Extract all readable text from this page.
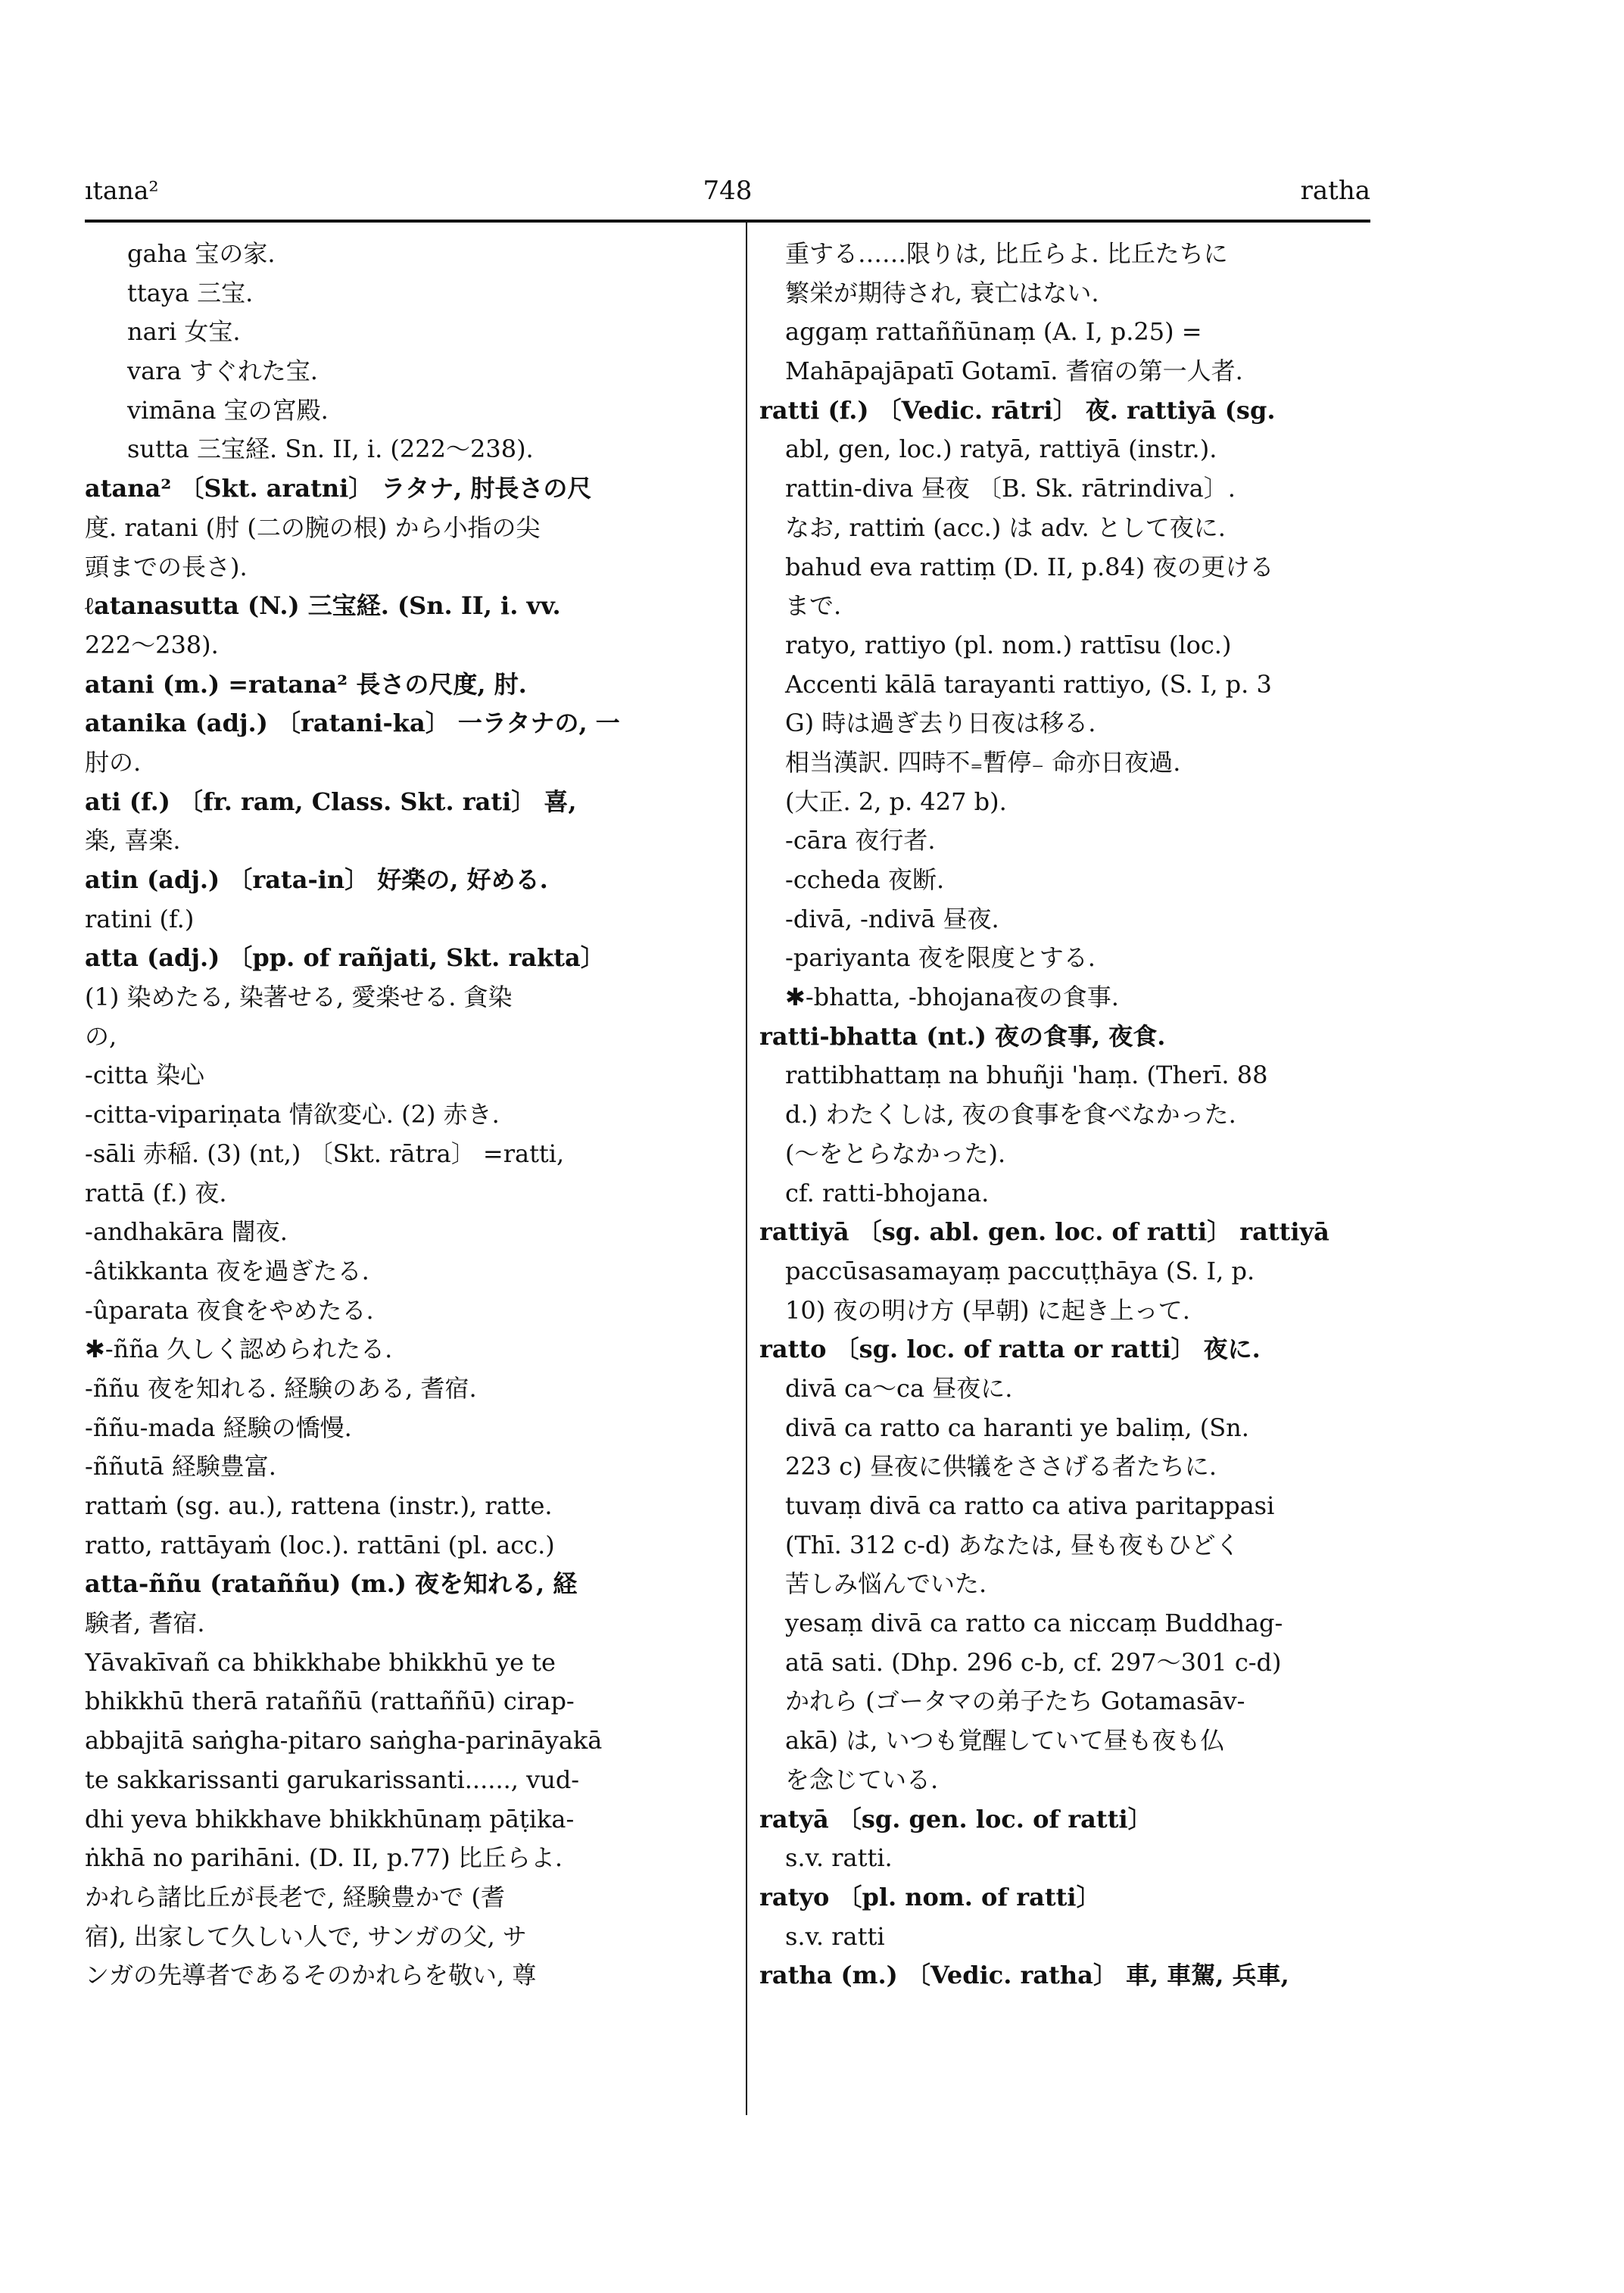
ıtana²	748	ratha
gaha 宝の家.
ttaya 三宝.
nari 女宝.
vara すぐれた宝.
vimāna 宝の宮殿.
sutta 三宝経. Sn. II, i. (222～238).
atana² 〔Skt. aratni〕 ラタナ, 肘長さの尺
度. ratani (肘 (二の腕の根) から小指の尖
頭までの長さ).
ℓatanasutta (N.) 三宝経. (Sn. II, i. vv.
222～238).
atani (m.) =ratana² 長さの尺度, 肘.
atanika (adj.) 〔ratani-ka〕 一ラタナの, 一
肘の.
ati (f.) 〔fr. ram, Class. Skt. rati〕 喜,
楽, 喜楽.
atin (adj.) 〔rata-in〕 好楽の, 好める.
ratini (f.)
atta (adj.) 〔pp. of rañjati, Skt. rakta〕
(1) 染めたる, 染著せる, 愛楽せる. 貪染
の,
-citta 染心
-citta-vipariṇata 情欲変心. (2) 赤き.
-sāli 赤稲. (3) (nt,) 〔Skt. rātra〕 =ratti,
rattā (f.) 夜.
-andhakāra 闇夜.
-âtikkanta 夜を過ぎたる.
-ûparata 夜食をやめたる.
✱-ñña 久しく認められたる.
-ññu 夜を知れる. 経験のある, 耆宿.
-ññu-mada 経験の憍慢.
-ññutā 経験豊富.
rattaṁ (sg. au.), rattena (instr.), ratte.
ratto, rattāyaṁ (loc.). rattāni (pl. acc.)
atta-ññu (rataññu) (m.) 夜を知れる, 経
験者, 耆宿.
Yāvakīvañ ca bhikkhabe bhikkhū ye te
bhikkhū therā rataññū (rattaññū) cirap-
abbajitā saṅgha-pitaro saṅgha-parināyakā
te sakkarissanti garukarissanti......, vud-
dhi yeva bhikkhave bhikkhūnaṃ pāṭika-
ṅkhā no parihāni. (D. II, p.77) 比丘らよ.
かれら諸比丘が長老で, 経験豊かで (耆
宿), 出家して久しい人で, サンガの父, サ
ンガの先導者であるそのかれらを敬い, 尊
重する……限りは, 比丘らよ. 比丘たちに
繁栄が期待され, 衰亡はない.
aggaṃ rattaññūnaṃ (A. I, p.25) =
Mahāpajāpatī Gotamī. 耆宿の第一人者.
ratti (f.) 〔Vedic. rātri〕 夜. rattiyā (sg.
abl, gen, loc.) ratyā, rattiyā (instr.).
rattin-diva 昼夜 〔B. Sk. rātrindiva〕.
なお, rattiṁ (acc.) は adv. として夜に.
bahud eva rattiṃ (D. II, p.84) 夜の更ける
まで.
ratyo, rattiyo (pl. nom.) rattīsu (loc.)
Accenti kālā tarayanti rattiyo, (S. I, p. 3
G) 時は過ぎ去り日夜は移る.
相当漢訳. 四時不₌暫停₋ 命亦日夜過.
(大正. 2, p. 427 b).
-cāra 夜行者.
-ccheda 夜断.
-divā, -ndivā 昼夜.
-pariyanta 夜を限度とする.
✱-bhatta, -bhojana夜の食事.
ratti-bhatta (nt.) 夜の食事, 夜食.
rattibhattaṃ na bhuñji 'haṃ. (Therī. 88
d.) わたくしは, 夜の食事を食べなかった.
(～をとらなかった).
cf. ratti-bhojana.
rattiyā 〔sg. abl. gen. loc. of ratti〕 rattiyā
paccūsasamayaṃ paccuṭṭhāya (S. I, p.
10) 夜の明け方 (早朝) に起き上って.
ratto 〔sg. loc. of ratta or ratti〕 夜に.
divā ca～ca 昼夜に.
divā ca ratto ca haranti ye baliṃ, (Sn.
223 c) 昼夜に供犠をささげる者たちに.
tuvaṃ divā ca ratto ca ativa paritappasi
(Thī. 312 c-d) あなたは, 昼も夜もひどく
苦しみ悩んでいた.
yesaṃ divā ca ratto ca niccaṃ Buddhag-
atā sati. (Dhp. 296 c-b, cf. 297～301 c-d)
かれら (ゴータマの弟子たち Gotamasāv-
akā) は, いつも覚醒していて昼も夜も仏
を念じている.
ratyā 〔sg. gen. loc. of ratti〕
s.v. ratti.
ratyo 〔pl. nom. of ratti〕
s.v. ratti
ratha (m.) 〔Vedic. ratha〕 車, 車駕, 兵車,
